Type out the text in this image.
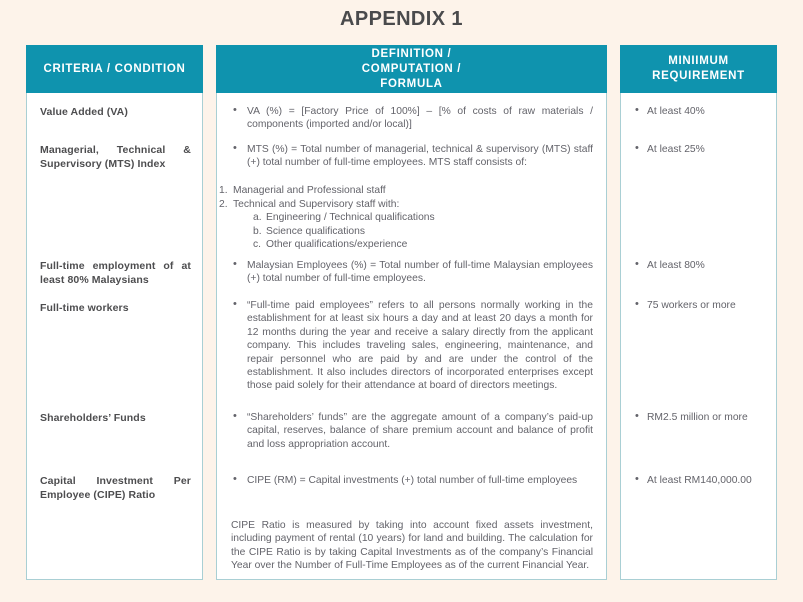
APPENDIX 1
CRITERIA / CONDITION
Value Added (VA)
Managerial, Technical & Supervisory (MTS) Index
Full-time employment of at least 80% Malaysians
Full-time workers
Shareholders’ Funds
Capital Investment Per Employee (CIPE) Ratio
DEFINITION /
COMPUTATION /
FORMULA
• VA (%) = [Factory Price of 100%] – [% of costs of raw materials / components (imported and/or local)]
• MTS (%) = Total number of managerial, technical & supervisory (MTS) staff (+) total number of full-time employees. MTS staff consists of:
1. Managerial and Professional staff
2. Technical and Supervisory staff with:
a. Engineering / Technical qualifications
b. Science qualifications
c. Other qualifications/experience
• Malaysian Employees (%) = Total number of full-time Malaysian employees (+) total number of full-time employees.
• “Full-time paid employees” refers to all persons normally working in the establishment for at least six hours a day and at least 20 days a month for 12 months during the year and receive a salary directly from the applicant company. This includes traveling sales, engineering, maintenance, and repair personnel who are paid by and are under the control of the establishment. It also includes directors of incorporated enterprises except those paid solely for their attendance at board of directors meetings.
• “Shareholders’ funds” are the aggregate amount of a company’s paid-up capital, reserves, balance of share premium account and balance of profit and loss appropriation account.
• CIPE (RM) = Capital investments (+) total number of full-time employees
CIPE Ratio is measured by taking into account fixed assets investment, including payment of rental (10 years) for land and building. The calculation for the CIPE Ratio is by taking Capital Investments as of the company’s Financial Year over the Number of Full-Time Employees as of the current Financial Year.
MINIIMUM
REQUIREMENT
• At least 40%
• At least 25%
• At least 80%
• 75 workers or more
• RM2.5 million or more
• At least RM140,000.00
